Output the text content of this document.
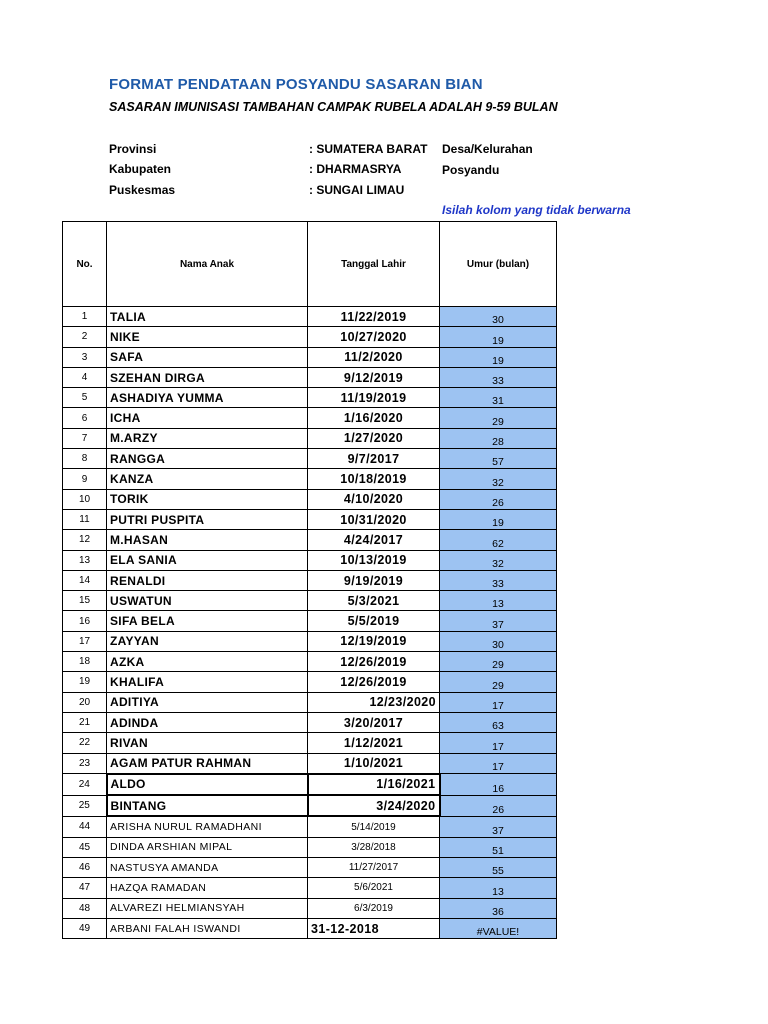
FORMAT PENDATAAN POSYANDU SASARAN BIAN
SASARAN IMUNISASI TAMBAHAN CAMPAK RUBELA ADALAH 9-59 BULAN
Provinsi	: SUMATERA BARAT Desa/Kelurahan
Kabupaten	: DHARMASRYA	Posyandu
Puskesmas	: SUNGAI LIMAU
Isilah kolom yang tidak berwarna
No.	Nama Anak	Tanggal Lahir	Umur (bulan)
1	TALIA	11/22/2019	30
2	NIKE	10/27/2020	19
3	SAFA	11/2/2020	19
4	SZEHAN DIRGA	9/12/2019	33
5	ASHADIYA YUMMA	11/19/2019	31
6	ICHA	1/16/2020	29
7	M.ARZY	1/27/2020	28
8	RANGGA	9/7/2017	57
9	KANZA	10/18/2019	32
10	TORIK	4/10/2020	26
11	PUTRI PUSPITA	10/31/2020	19
12	M.HASAN	4/24/2017	62
13	ELA SANIA	10/13/2019	32
14	RENALDI	9/19/2019	33
15	USWATUN	5/3/2021	13
16	SIFA BELA	5/5/2019	37
17	ZAYYAN	12/19/2019	30
18	AZKA	12/26/2019	29
19	KHALIFA	12/26/2019	29
20	ADITIYA	12/23/2020	17
21	ADINDA	3/20/2017	63
22	RIVAN	1/12/2021	17
23	AGAM PATUR RAHMAN	1/10/2021	17
24	ALDO	1/16/2021	16
25	BINTANG	3/24/2020	26
44	ARISHA NURUL RAMADHANI	5/14/2019	37
45	DINDA ARSHIAN MIPAL	3/28/2018	51
46	NASTUSYA AMANDA	11/27/2017	55
47	HAZQA RAMADAN	5/6/2021	13
48	ALVAREZI HELMIANSYAH	6/3/2019	36
49	ARBANI FALAH ISWANDI	31-12-2018	#VALUE!
